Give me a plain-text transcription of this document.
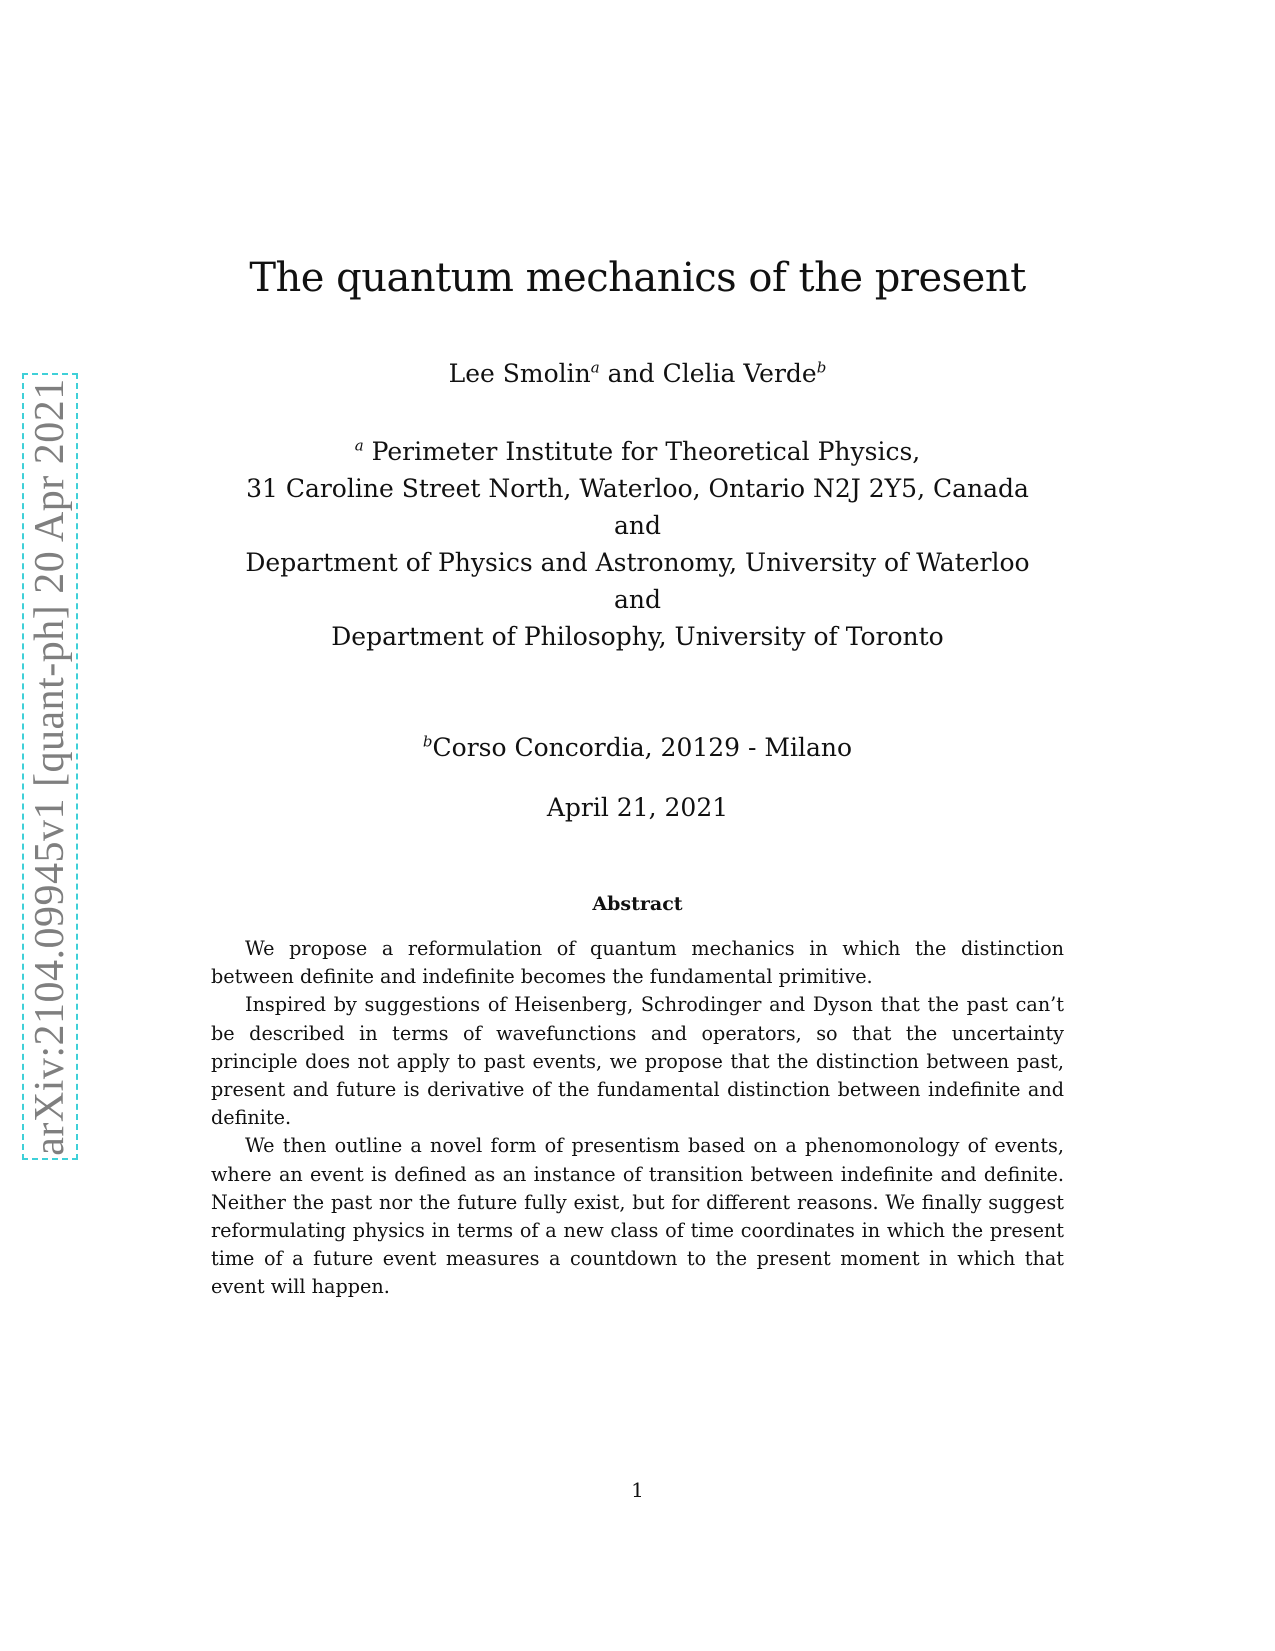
arXiv:2104.09945v1 [quant-ph] 20 Apr 2021
The quantum mechanics of the present
Lee Smolin$^a$ and Clelia Verde$^b$
$^a$ Perimeter Institute for Theoretical Physics,
31 Caroline Street North, Waterloo, Ontario N2J 2Y5, Canada
and
Department of Physics and Astronomy, University of Waterloo
and
Department of Philosophy, University of Toronto
$^b$Corso Concordia, 20129 - Milano
April 21, 2021
Abstract

We propose a reformulation of quantum mechanics in which the distinction between definite and indefinite becomes the fundamental primitive.

Inspired by suggestions of Heisenberg, Schrodinger and Dyson that the past can’t be described in terms of wavefunctions and operators, so that the uncertainty principle does not apply to past events, we propose that the distinction between past, present and future is derivative of the fundamental distinction between indefinite and definite.

We then outline a novel form of presentism based on a phenomonology of events, where an event is defined as an instance of transition between indefinite and definite. Neither the past nor the future fully exist, but for different reasons. We finally suggest reformulating physics in terms of a new class of time coordinates in which the present time of a future event measures a countdown to the present moment in which that event will happen.

1
